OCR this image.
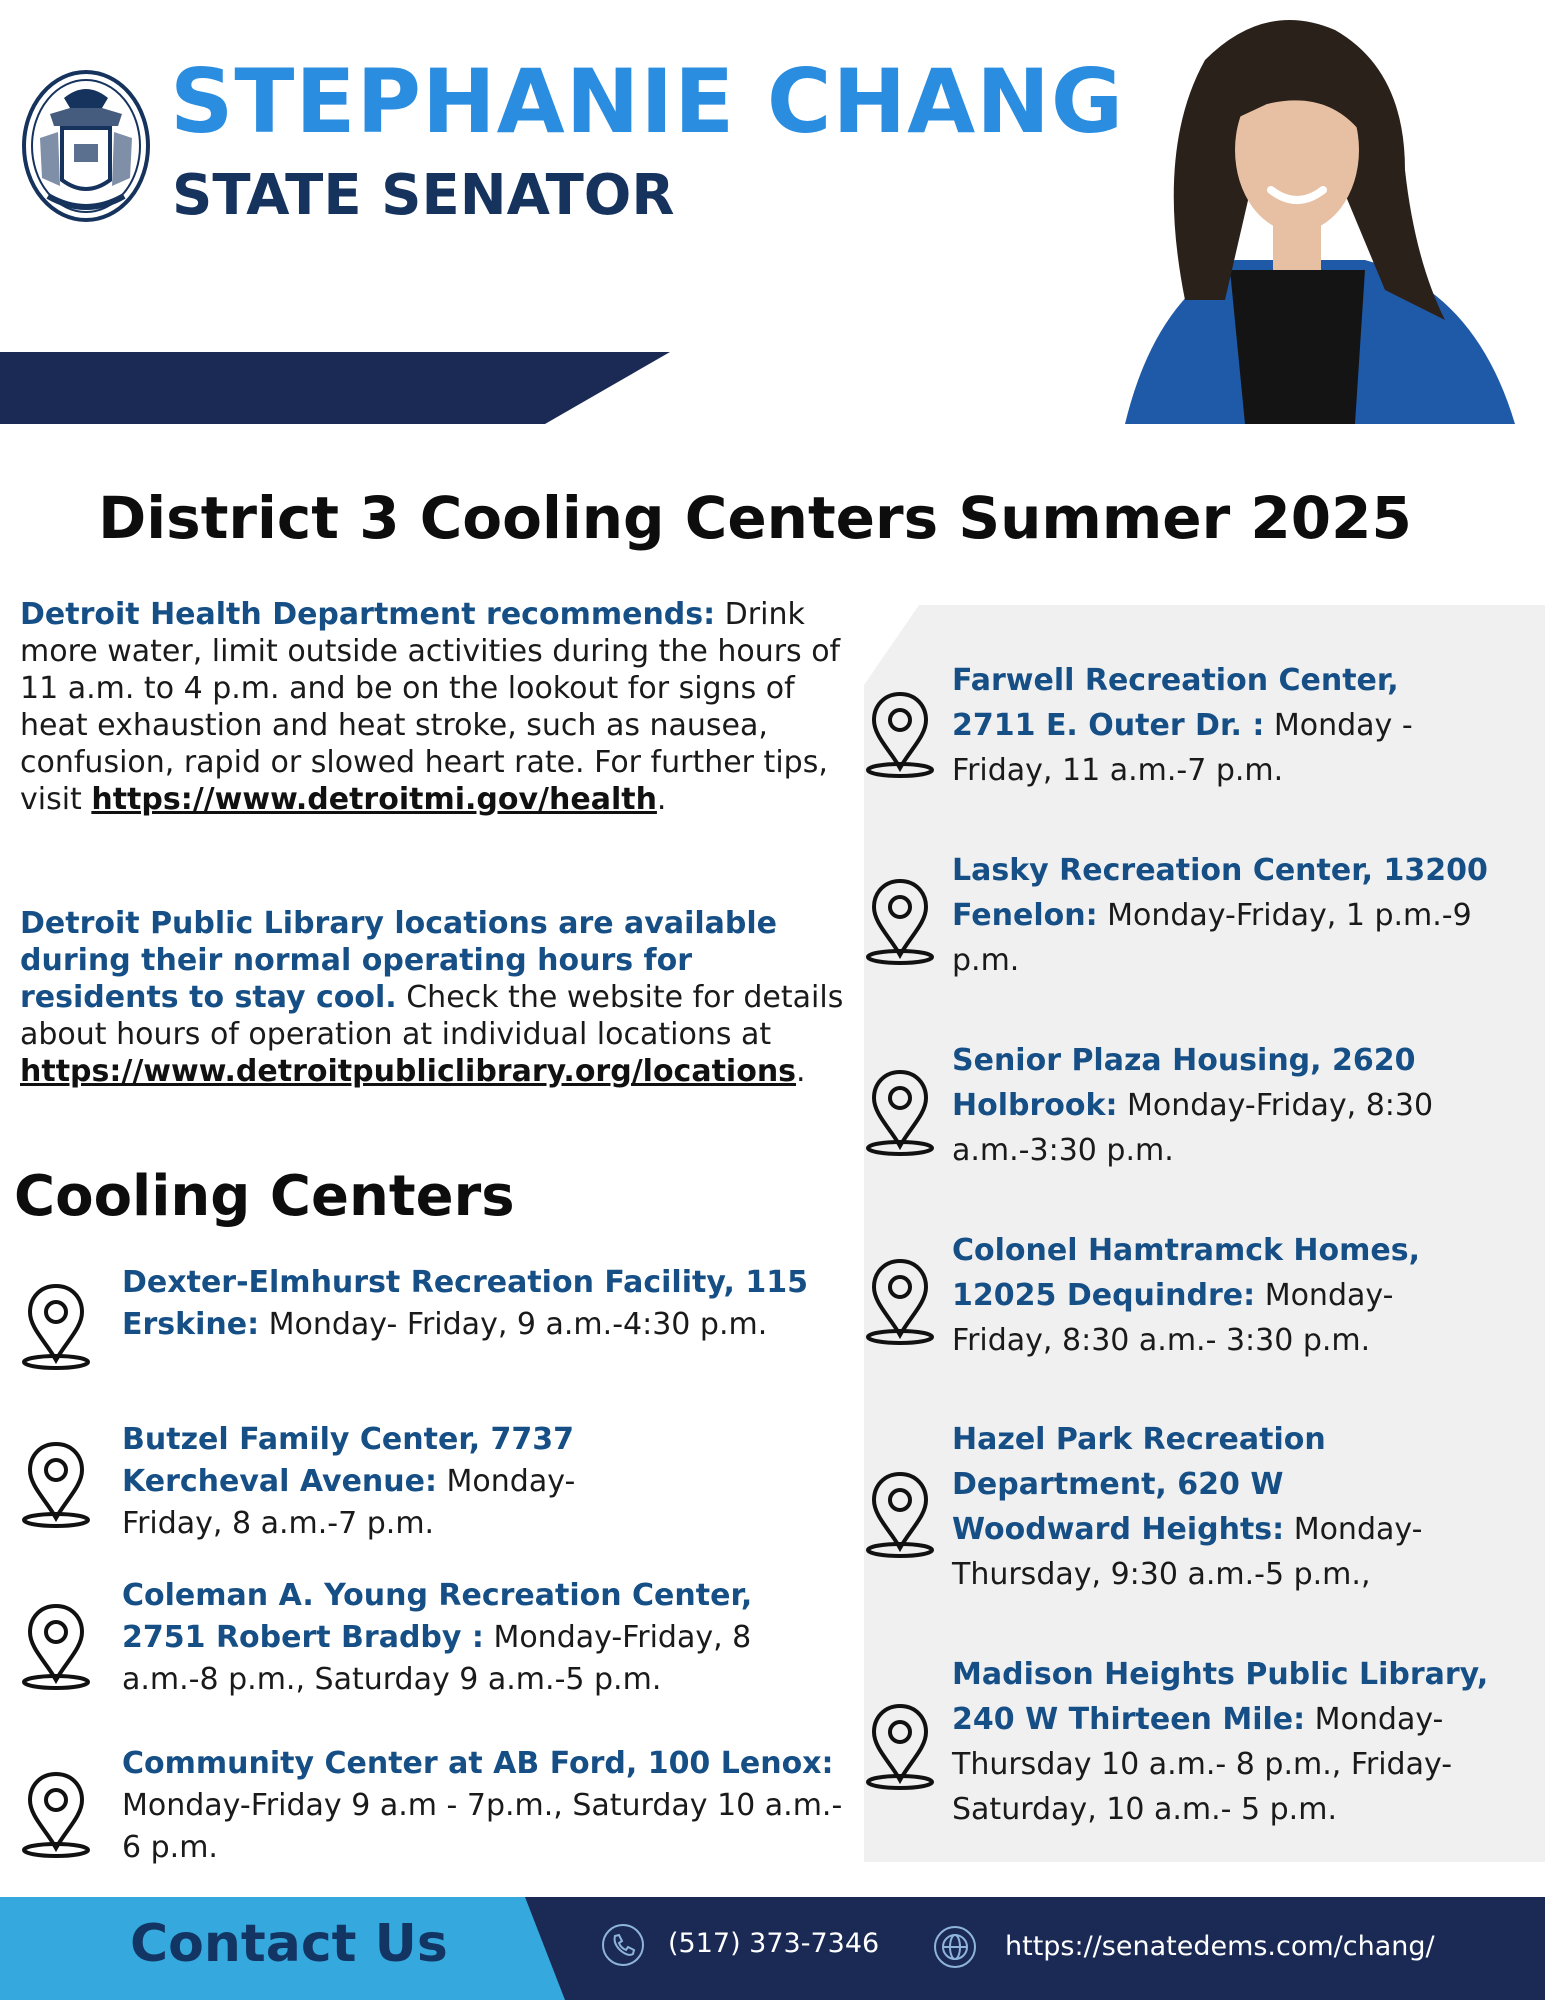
STEPHANIE CHANG
STATE SENATOR
District 3 Cooling Centers Summer 2025
Detroit Health Department recommends: Drink more water, limit outside activities during the hours of 11 a.m. to 4 p.m. and be on the lookout for signs of heat exhaustion and heat stroke, such as nausea, confusion, rapid or slowed heart rate. For further tips, visit https://www.detroitmi.gov/health.
Detroit Public Library locations are available during their normal operating hours for residents to stay cool. Check the website for details about hours of operation at individual locations at https://www.detroitpubliclibrary.org/locations.
Cooling Centers
Dexter-Elmhurst Recreation Facility, 115 Erskine: Monday- Friday, 9 a.m.-4:30 p.m.
Butzel Family Center, 7737 Kercheval Avenue: Monday-Friday, 8 a.m.-7 p.m.
Coleman A. Young Recreation Center, 2751 Robert Bradby : Monday-Friday, 8 a.m.-8 p.m., Saturday 9 a.m.-5 p.m.
Community Center at AB Ford, 100 Lenox: Monday-Friday 9 a.m - 7p.m., Saturday 10 a.m.- 6 p.m.
Farwell Recreation Center, 2711 E. Outer Dr. : Monday - Friday, 11 a.m.-7 p.m.
Lasky Recreation Center, 13200 Fenelon: Monday-Friday, 1 p.m.-9 p.m.
Senior Plaza Housing, 2620 Holbrook: Monday-Friday, 8:30 a.m.-3:30 p.m.
Colonel Hamtramck Homes, 12025 Dequindre: Monday-Friday, 8:30 a.m.- 3:30 p.m.
Hazel Park Recreation Department, 620 W Woodward Heights: Monday-Thursday, 9:30 a.m.-5 p.m.,
Madison Heights Public Library, 240 W Thirteen Mile: Monday-Thursday 10 a.m.- 8 p.m., Friday-Saturday, 10 a.m.- 5 p.m.
Contact Us	(517) 373-7346	https://senatedems.com/chang/
